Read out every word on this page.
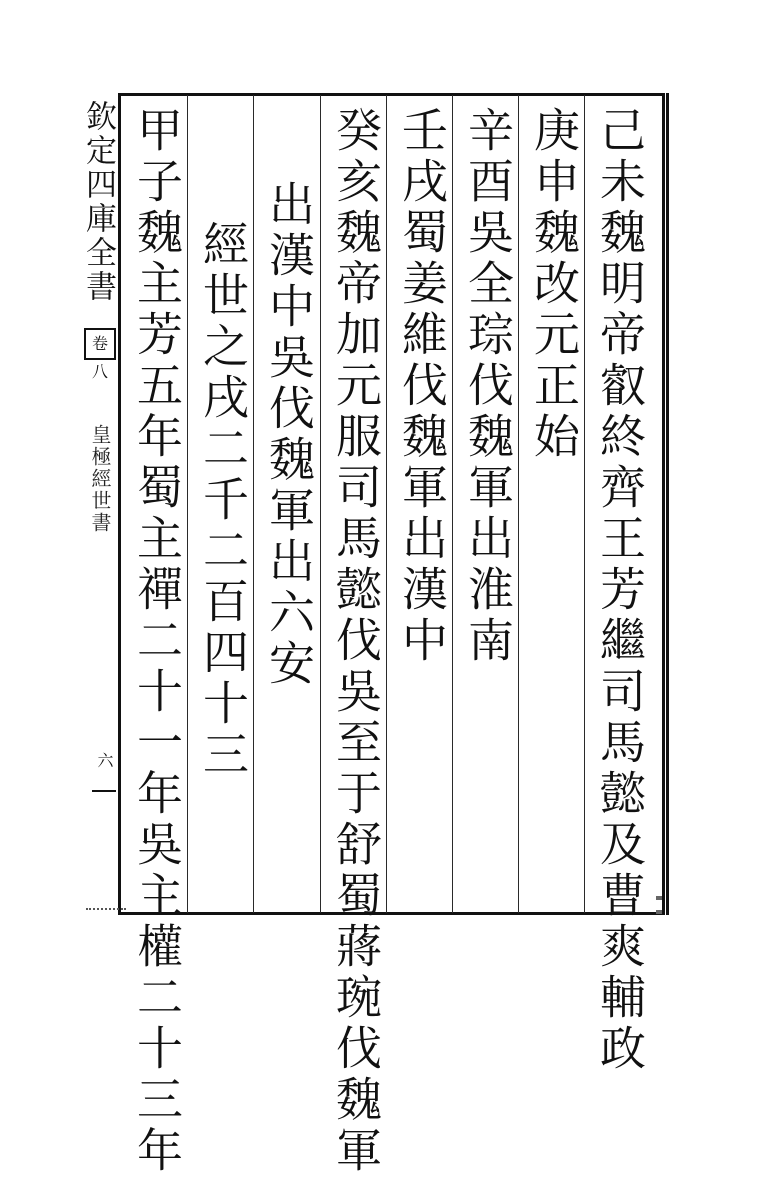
己未魏明帝叡終齊王芳繼司馬懿及曹爽輔政
庚申魏改元正始
辛酉吳全琮伐魏軍出淮南
壬戌蜀姜維伐魏軍出漢中
癸亥魏帝加元服司馬懿伐吳至于舒蜀蔣琬伐魏軍
出漢中吳伐魏軍出六安
經世之戌二千二百四十三
甲子魏主芳五年蜀主禪二十一年吳主權二十三年
欽定四庫全書
卷八
皇極經世書
六
